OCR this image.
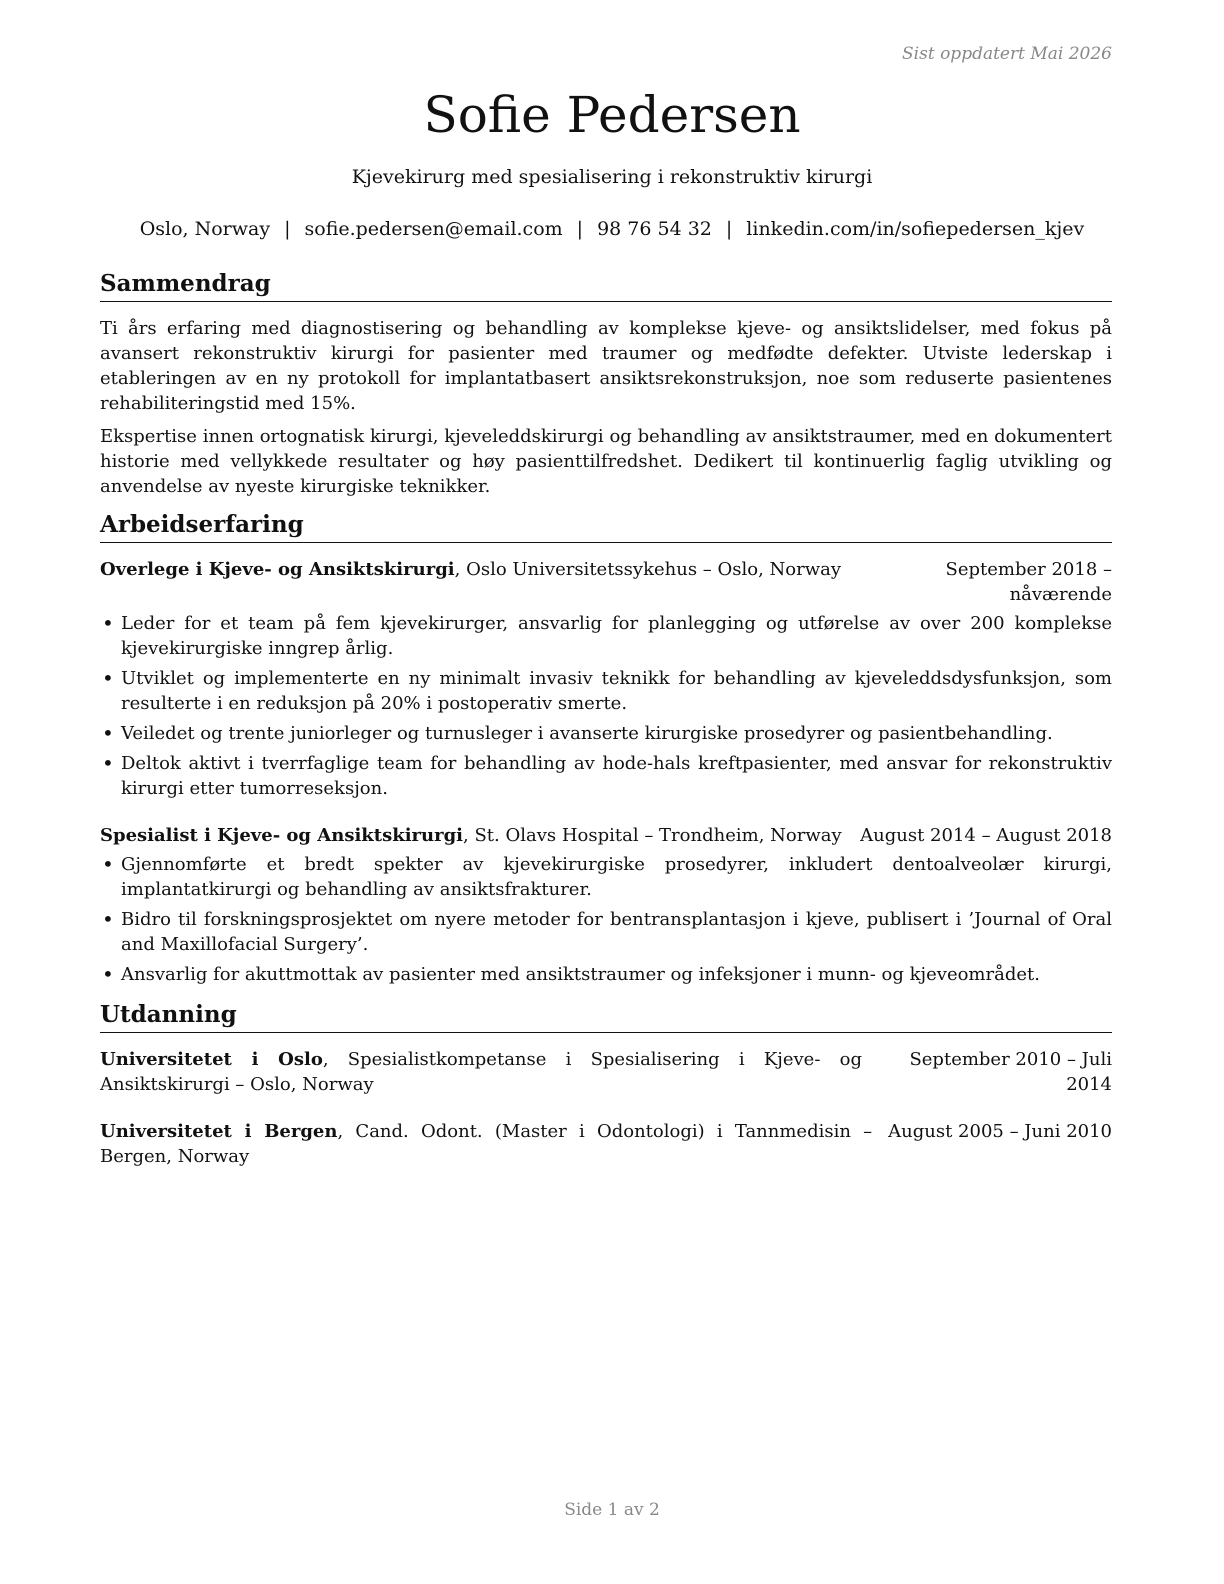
Sist oppdatert Mai 2026
Sofie Pedersen
Kjevekirurg med spesialisering i rekonstruktiv kirurgi
Oslo, Norway | sofie.pedersen@email.com | 98 76 54 32 | linkedin.com/in/sofiepedersen_kjev
Sammendrag

Ti års erfaring med diagnostisering og behandling av komplekse kjeve- og ansiktslidelser, med fokus på avansert rekonstruktiv kirurgi for pasienter med traumer og medfødte defekter. Utviste lederskap i etableringen av en ny protokoll for implantatbasert ansiktsrekonstruksjon, noe som reduserte pasientenes rehabiliteringstid med 15%.

Ekspertise innen ortognatisk kirurgi, kjeveleddskirurgi og behandling av ansiktstraumer, med en dokumentert historie med vellykkede resultater og høy pasienttilfredshet. Dedikert til kontinuerlig faglig utvikling og anvendelse av nyeste kirurgiske teknikker.

Arbeidserfaring
Overlege i Kjeve- og Ansiktskirurgi, Oslo Universitetssykehus – Oslo, Norway	September 2018 – nåværende
• Leder for et team på fem kjevekirurger, ansvarlig for planlegging og utførelse av over 200 komplekse kjevekirurgiske inngrep årlig.
• Utviklet og implementerte en ny minimalt invasiv teknikk for behandling av kjeveleddsdysfunksjon, som resulterte i en reduksjon på 20% i postoperativ smerte.
• Veiledet og trente juniorleger og turnusleger i avanserte kirurgiske prosedyrer og pasientbehandling.
• Deltok aktivt i tverrfaglige team for behandling av hode-hals kreftpasienter, med ansvar for rekonstruktiv kirurgi etter tumorreseksjon.
Spesialist i Kjeve- og Ansiktskirurgi, St. Olavs Hospital – Trondheim, Norway	August 2014 – August 2018
• Gjennomførte et bredt spekter av kjevekirurgiske prosedyrer, inkludert dentoalveolær kirurgi, implantatkirurgi og behandling av ansiktsfrakturer.
• Bidro til forskningsprosjektet om nyere metoder for bentransplantasjon i kjeve, publisert i ’Journal of Oral and Maxillofacial Surgery’.
• Ansvarlig for akuttmottak av pasienter med ansiktstraumer og infeksjoner i munn- og kjeveområdet.
Utdanning
Universitetet i Oslo, Spesialistkompetanse i Spesialisering i Kjeve- og Ansiktskirurgi – Oslo, Norway
September 2010 – Juli 2014
Universitetet i Bergen, Cand. Odont. (Master i Odontologi) i Tannmedisin – Bergen, Norway
August 2005 – Juni 2010
Side 1 av 2
